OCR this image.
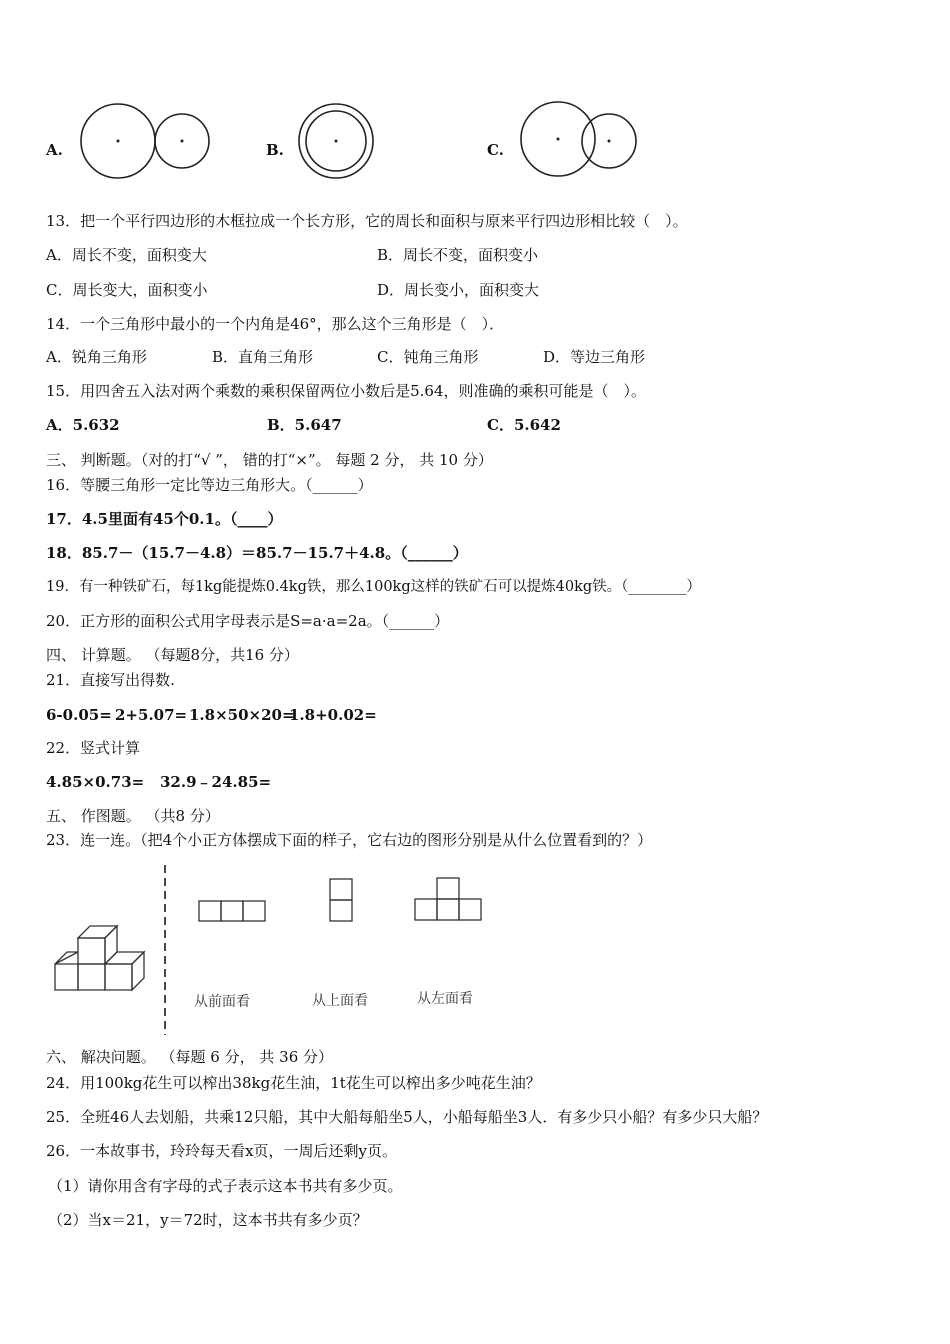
A.	B.	C.
13．把一个平行四边形的木框拉成一个长方形，它的周长和面积与原来平行四边形相比较（　）。
A．周长不变，面积变大	B．周长不变，面积变小
C．周长变大，面积变小	D．周长变小，面积变大
14．一个三角形中最小的一个内角是46°，那么这个三角形是（　）．
A．锐角三角形	B．直角三角形	C．钝角三角形	D．等边三角形
15．用四舍五入法对两个乘数的乘积保留两位小数后是5.64，则准确的乘积可能是（　）。
A．5.632	B．5.647	C．5.642
三、 判断题。（对的打“√ ”， 错的打“×”。 每题 2 分， 共 10 分）
16．等腰三角形一定比等边三角形大。（______）
17．4.5里面有45个0.1。（____）
18．85.7－（15.7－4.8）＝85.7－15.7＋4.8。（______）
19．有一种铁矿石，每1kg能提炼0.4kg铁，那么100kg这样的铁矿石可以提炼40kg铁。（________）
20．正方形的面积公式用字母表示是S=a·a=2a。（______）
四、 计算题。 （每题8分，共16 分）
21．直接写出得数.
6-0.05= 2+5.07= 1.8×50×20=
1.8+0.02=
22．竖式计算
4.85×0.73= 32.9﹣24.85=
五、 作图题。 （共8 分）
23．连一连。（把4个小正方体摆成下面的样子，它右边的图形分别是从什么位置看到的？）
从前面看	从上面看	从左面看
六、 解决问题。 （每题 6 分， 共 36 分）
24．用100kg花生可以榨出38kg花生油，1t花生可以榨出多少吨花生油？
25．全班46人去划船，共乘12只船，其中大船每船坐5人，小船每船坐3人．有多少只小船？有多少只大船？
26．一本故事书，玲玲每天看x页，一周后还剩y页。
（1）请你用含有字母的式子表示这本书共有多少页。
（2）当x＝21，y＝72时，这本书共有多少页？
